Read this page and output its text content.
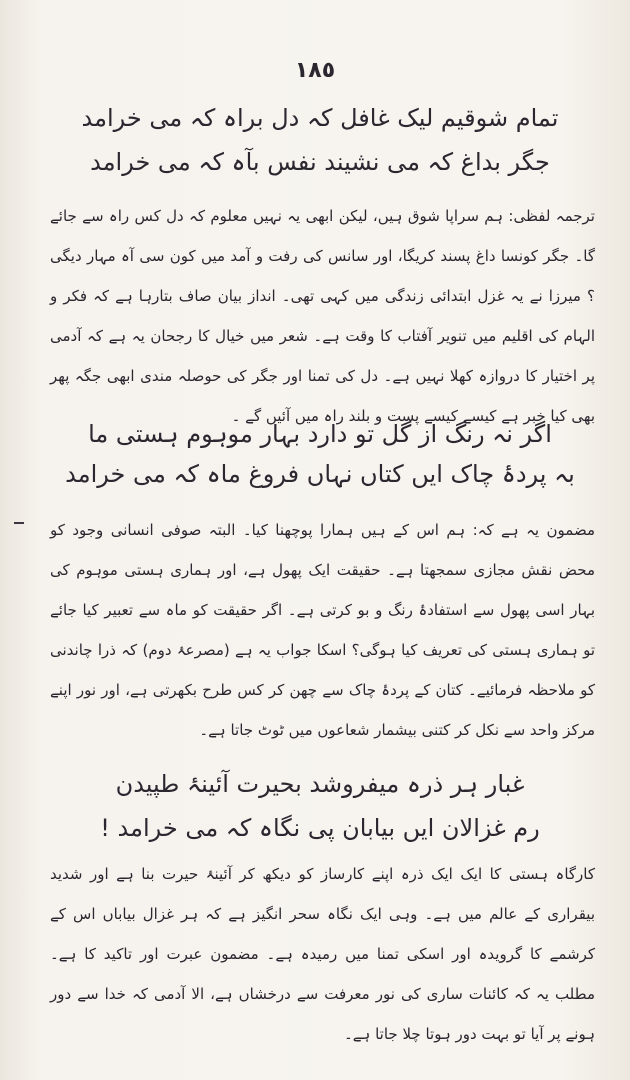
١٨٥
تمام شوقیم لیک غافل کہ دل براہ کہ می خرامد
جگر بداغ کہ می نشیند نفس بآہ کہ می خرامد
ترجمہ لفظی: ہم سراپا شوق ہیں، لیکن ابھی یہ نہیں معلوم کہ دل کس راہ سے جائے گا۔ جگر کونسا داغ پسند کریگا، اور سانس کی رفت و آمد میں کون سی آہ مہار دیگی ؟ میرزا نے یہ غزل ابتدائی زندگی میں کہی تھی۔ انداز بیان صاف بتارہا ہے کہ فکر و الہام کی اقلیم میں تنویر آفتاب کا وقت ہے۔ شعر میں خیال کا رجحان یہ ہے کہ آدمی پر اختیار کا دروازہ کھلا نہیں ہے۔ دل کی تمنا اور جگر کی حوصلہ مندی ابھی جگہ پھر بھی کیا خبر ہے کیسے کیسے پست و بلند راہ میں آئیں گے ۔
اگر نہ رنگ از گل تو دارد بہار موہوم ہستی ما
بہ پردۂ چاک ایں کتاں نہاں فروغ ماہ کہ می خرامد
مضمون یہ ہے کہ: ہم اس کے ہیں ہمارا پوچھنا کیا۔ البتہ صوفی انسانی وجود کو محض نقش مجازی سمجھتا ہے۔ حقیقت ایک پھول ہے، اور ہماری ہستی موہوم کی بہار اسی پھول سے استفادۂ رنگ و بو کرتی ہے۔ اگر حقیقت کو ماہ سے تعبیر کیا جائے تو ہماری ہستی کی تعریف کیا ہوگی؟ اسکا جواب یہ ہے (مصرعۂ دوم) کہ ذرا چاندنی کو ملاحظہ فرمائیے۔ کتان کے پردۂ چاک سے چھن کر کس طرح بکھرتی ہے، اور نور اپنے مرکز واحد سے نکل کر کتنی بیشمار شعاعوں میں ٹوٹ جاتا ہے۔
غبار ہر ذرہ میفروشد بحیرت آئینۂ طپیدن
رم غزالان ایں بیابان پی نگاہ کہ می خرامد !
کارگاہ ہستی کا ایک ایک ذرہ اپنے کارساز کو دیکھ کر آئینۂ حیرت بنا ہے اور شدید بیقراری کے عالم میں ہے۔ وہی ایک نگاہ سحر انگیز ہے کہ ہر غزال بیاباں اس کے کرشمے کا گرویدہ اور اسکی تمنا میں رمیدہ ہے۔ مضمون عبرت اور تاکید کا ہے۔ مطلب یہ کہ کائنات ساری کی نور معرفت سے درخشاں ہے، الا آدمی کہ خدا سے دور ہونے پر آیا تو بہت دور ہوتا چلا جاتا ہے۔
